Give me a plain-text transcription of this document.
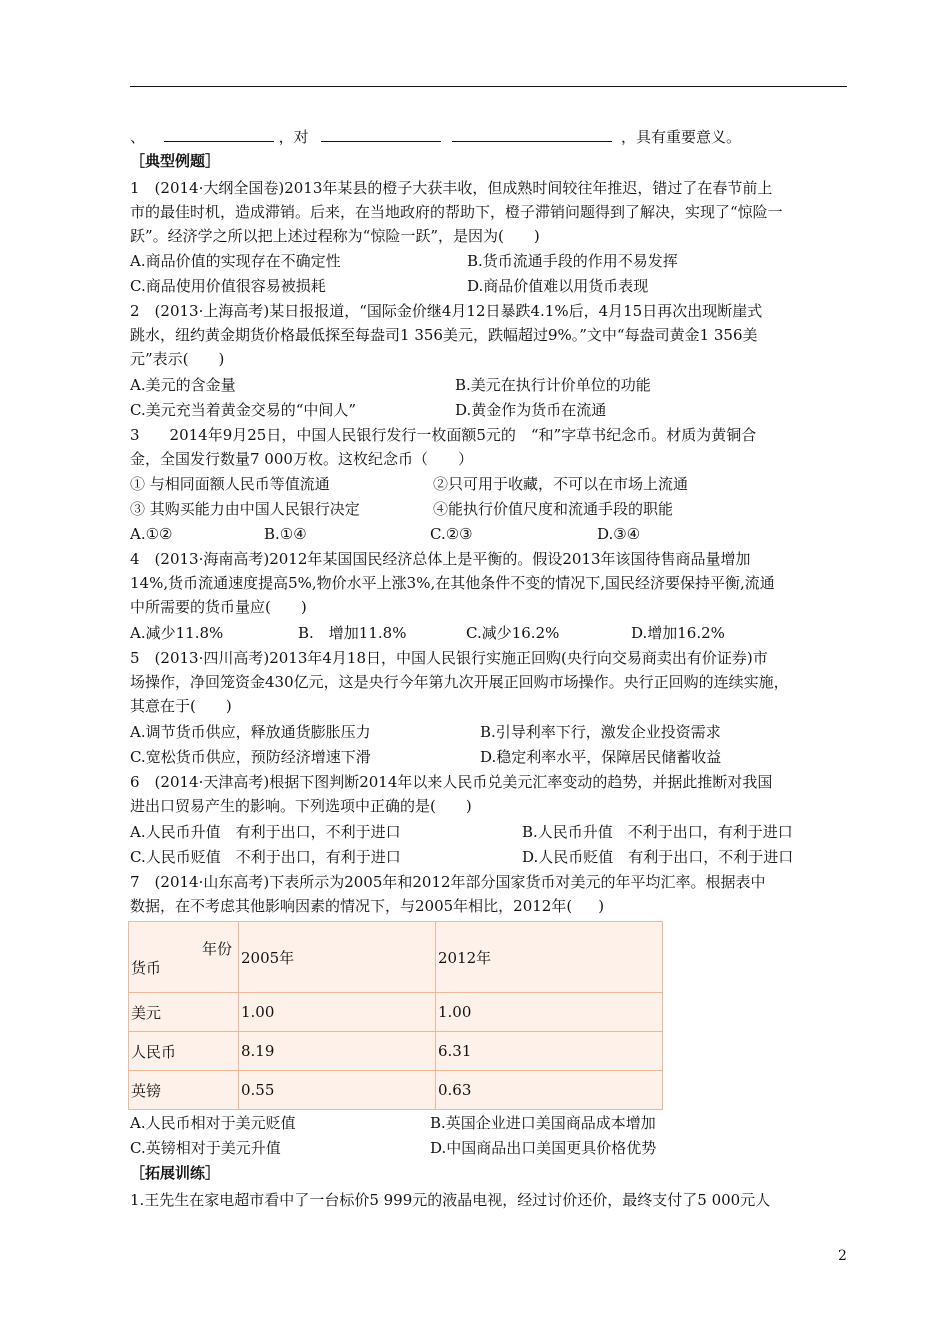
、	，对	，具有重要意义。
［典型例题］
1　(2014·大纲全国卷)2013年某县的橙子大获丰收，但成熟时间较往年推迟，错过了在春节前上
市的最佳时机，造成滞销。后来，在当地政府的帮助下，橙子滞销问题得到了解决，实现了“惊险一
跃”。经济学之所以把上述过程称为“惊险一跃”，是因为(　　)
A.商品价值的实现存在不确定性	B.货币流通手段的作用不易发挥
C.商品使用价值很容易被损耗	D.商品价值难以用货币表现
2　(2013·上海高考)某日报报道，“国际金价继4月12日暴跌4.1%后，4月15日再次出现断崖式
跳水，纽约黄金期货价格最低探至每盎司1 356美元，跌幅超过9%。”文中“每盎司黄金1 356美
元”表示(　　)
A.美元的含金量	B.美元在执行计价单位的功能
C.美元充当着黄金交易的“中间人”	D.黄金作为货币在流通
3　　2014年9月25日，中国人民银行发行一枚面额5元的　“和”字草书纪念币。材质为黄铜合
金，全国发行数量7 000万枚。这枚纪念币（　　）
① 与相同面额人民币等值流通	②只可用于收藏，不可以在市场上流通
③ 其购买能力由中国人民银行决定	④能执行价值尺度和流通手段的职能
A.①②	B.①④	C.②③	D.③④
4　(2013·海南高考)2012年某国国民经济总体上是平衡的。假设2013年该国待售商品量增加
14%,货币流通速度提高5%,物价水平上涨3%,在其他条件不变的情况下,国民经济要保持平衡,流通
中所需要的货币量应(　　)
A.减少11.8%	B.　增加11.8%	C.减少16.2%	D.增加16.2%
5　(2013·四川高考)2013年4月18日，中国人民银行实施正回购(央行向交易商卖出有价证券)市
场操作，净回笼资金430亿元，这是央行今年第九次开展正回购市场操作。央行正回购的连续实施，
其意在于(　　)
A.调节货币供应，释放通货膨胀压力	B.引导利率下行，激发企业投资需求
C.宽松货币供应，预防经济增速下滑	D.稳定利率水平，保障居民储蓄收益
6　(2014·天津高考)根据下图判断2014年以来人民币兑美元汇率变动的趋势，并据此推断对我国
进出口贸易产生的影响。下列选项中正确的是(　　)
A.人民币升值　有利于出口，不利于进口	B.人民币升值　不利于出口，有利于进口
C.人民币贬值　不利于出口，有利于进口	D.人民币贬值　有利于出口，不利于进口
7　(2014·山东高考)下表所示为2005年和2012年部分国家货币对美元的年平均汇率。根据表中
数据，在不考虑其他影响因素的情况下，与2005年相比，2012年( )
年份
货币	2005年	2012年
美元	1.00	1.00
人民币	8.19	6.31
英镑	0.55	0.63
A.人民币相对于美元贬值	B.英国企业进口美国商品成本增加
C.英镑相对于美元升值	D.中国商品出口美国更具价格优势
［拓展训练］
1.王先生在家电超市看中了一台标价5 999元的液晶电视，经过讨价还价，最终支付了5 000元人
2
